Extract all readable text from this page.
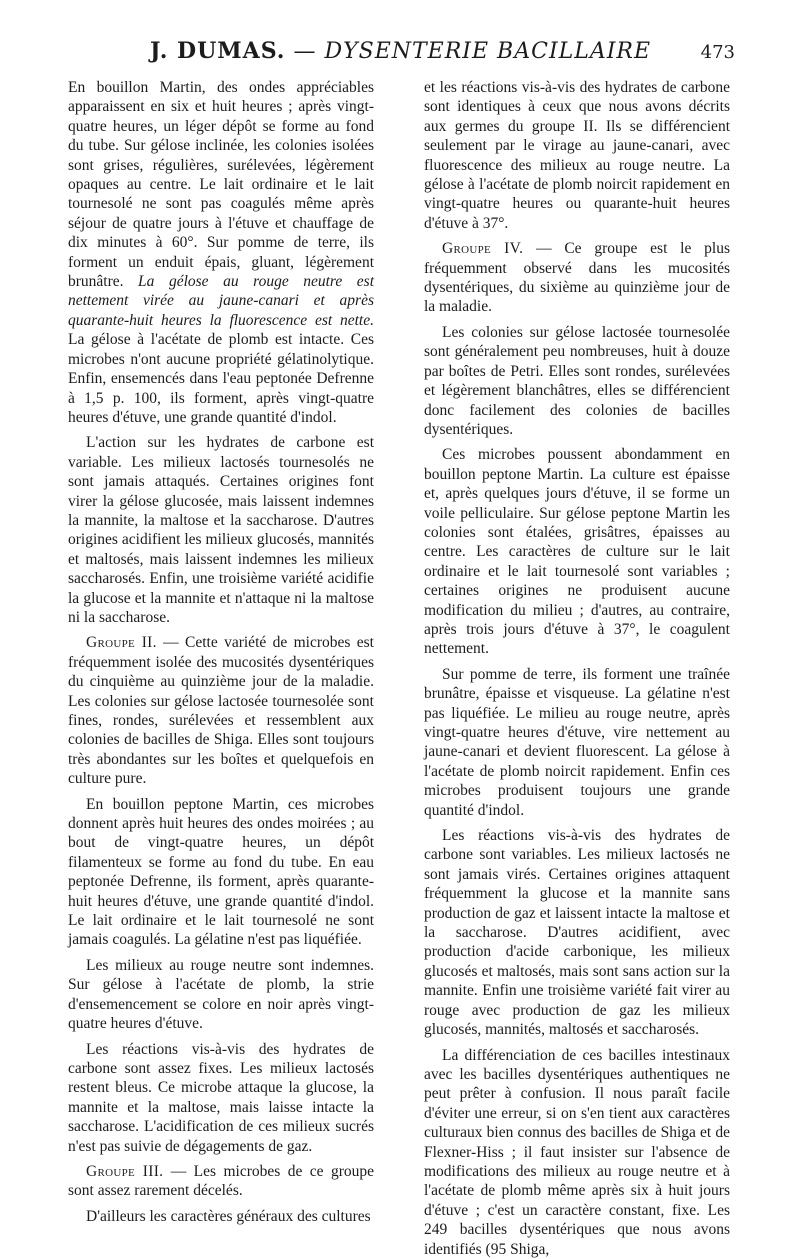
J. DUMAS. — DYSENTERIE BACILLAIRE	473

En bouillon Martin, des ondes appréciables apparaissent en six et huit heures ; après vingt-quatre heures, un léger dépôt se forme au fond du tube. Sur gélose inclinée, les colonies isolées sont grises, régulières, surélevées, légèrement opaques au centre. Le lait ordinaire et le lait tournesolé ne sont pas coagulés même après séjour de quatre jours à l'étuve et chauffage de dix minutes à 60°. Sur pomme de terre, ils forment un enduit épais, gluant, légèrement brunâtre. La gélose au rouge neutre est nettement virée au jaune-canari et après quarante-huit heures la fluorescence est nette. La gélose à l'acétate de plomb est intacte. Ces microbes n'ont aucune propriété gélatinolytique. Enfin, ensemencés dans l'eau peptonée Defrenne à 1,5 p. 100, ils forment, après vingt-quatre heures d'étuve, une grande quantité d'indol.

L'action sur les hydrates de carbone est variable. Les milieux lactosés tournesolés ne sont jamais attaqués. Certaines origines font virer la gélose glucosée, mais laissent indemnes la mannite, la maltose et la saccharose. D'autres origines acidifient les milieux glucosés, mannités et maltosés, mais laissent indemnes les milieux saccharosés. Enfin, une troisième variété acidifie la glucose et la mannite et n'attaque ni la maltose ni la saccharose.

Groupe II. — Cette variété de microbes est fréquemment isolée des mucosités dysentériques du cinquième au quinzième jour de la maladie. Les colonies sur gélose lactosée tournesolée sont fines, rondes, surélevées et ressemblent aux colonies de bacilles de Shiga. Elles sont toujours très abondantes sur les boîtes et quelquefois en culture pure.

En bouillon peptone Martin, ces microbes donnent après huit heures des ondes moirées ; au bout de vingt-quatre heures, un dépôt filamenteux se forme au fond du tube. En eau peptonée Defrenne, ils forment, après quarante-huit heures d'étuve, une grande quantité d'indol. Le lait ordinaire et le lait tournesolé ne sont jamais coagulés. La gélatine n'est pas liquéfiée.

Les milieux au rouge neutre sont indemnes. Sur gélose à l'acétate de plomb, la strie d'ensemencement se colore en noir après vingt-quatre heures d'étuve.

Les réactions vis-à-vis des hydrates de carbone sont assez fixes. Les milieux lactosés restent bleus. Ce microbe attaque la glucose, la mannite et la maltose, mais laisse intacte la saccharose. L'acidification de ces milieux sucrés n'est pas suivie de dégagements de gaz.

Groupe III. — Les microbes de ce groupe sont assez rarement décelés.

D'ailleurs les caractères généraux des cultures

et les réactions vis-à-vis des hydrates de carbone sont identiques à ceux que nous avons décrits aux germes du groupe II. Ils se différencient seulement par le virage au jaune-canari, avec fluorescence des milieux au rouge neutre. La gélose à l'acétate de plomb noircit rapidement en vingt-quatre heures ou quarante-huit heures d'étuve à 37°.

Groupe IV. — Ce groupe est le plus fréquemment observé dans les mucosités dysentériques, du sixième au quinzième jour de la maladie.

Les colonies sur gélose lactosée tournesolée sont généralement peu nombreuses, huit à douze par boîtes de Petri. Elles sont rondes, surélevées et légèrement blanchâtres, elles se différencient donc facilement des colonies de bacilles dysentériques.

Ces microbes poussent abondamment en bouillon peptone Martin. La culture est épaisse et, après quelques jours d'étuve, il se forme un voile pelliculaire. Sur gélose peptone Martin les colonies sont étalées, grisâtres, épaisses au centre. Les caractères de culture sur le lait ordinaire et le lait tournesolé sont variables ; certaines origines ne produisent aucune modification du milieu ; d'autres, au contraire, après trois jours d'étuve à 37°, le coagulent nettement.

Sur pomme de terre, ils forment une traînée brunâtre, épaisse et visqueuse. La gélatine n'est pas liquéfiée. Le milieu au rouge neutre, après vingt-quatre heures d'étuve, vire nettement au jaune-canari et devient fluorescent. La gélose à l'acétate de plomb noircit rapidement. Enfin ces microbes produisent toujours une grande quantité d'indol.

Les réactions vis-à-vis des hydrates de carbone sont variables. Les milieux lactosés ne sont jamais virés. Certaines origines attaquent fréquemment la glucose et la mannite sans production de gaz et laissent intacte la maltose et la saccharose. D'autres acidifient, avec production d'acide carbonique, les milieux glucosés et maltosés, mais sont sans action sur la mannite. Enfin une troisième variété fait virer au rouge avec production de gaz les milieux glucosés, mannités, maltosés et saccharosés.

La différenciation de ces bacilles intestinaux avec les bacilles dysentériques authentiques ne peut prêter à confusion. Il nous paraît facile d'éviter une erreur, si on s'en tient aux caractères culturaux bien connus des bacilles de Shiga et de Flexner-Hiss ; il faut insister sur l'absence de modifications des milieux au rouge neutre et à l'acétate de plomb même après six à huit jours d'étuve ; c'est un caractère constant, fixe. Les 249 bacilles dysentériques que nous avons identifiés (95 Shiga,
